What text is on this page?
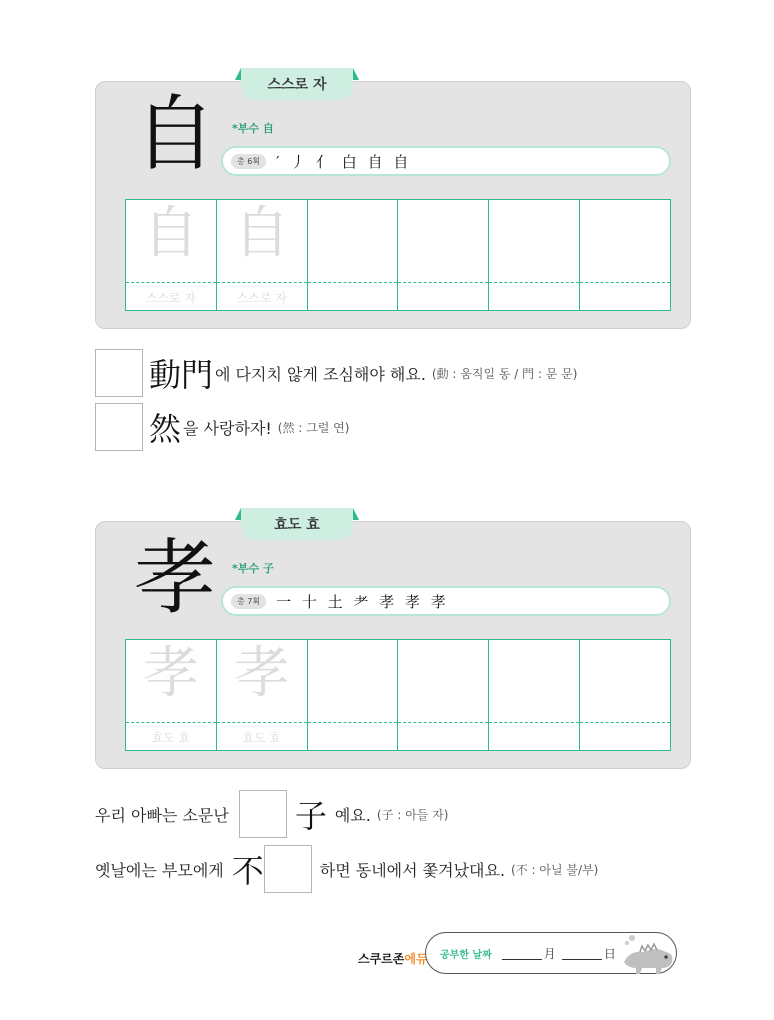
스스로 자
自 *부수 自
총 6획	′ 丿 亻 白 自 自
自
스스로 자
自
스스로 자
動門 에 다지치 않게 조심해야 해요. (動 : 움직일 동 / 門 : 문 문)
然 을 사랑하자! (然 : 그럴 연)
효도 효
孝 *부수 子
총 7획	一 十 土 耂 孝 孝 孝
孝
효도 효
孝
효도 효
우리 아빠는 소문난 子 예요. (子 : 아들 자)
옛날에는 부모에게 不	하면 동네에서 쫓겨났대요. (不 : 아닐 불/부)
스쿠르존에듀 공부한 날짜	月	日
